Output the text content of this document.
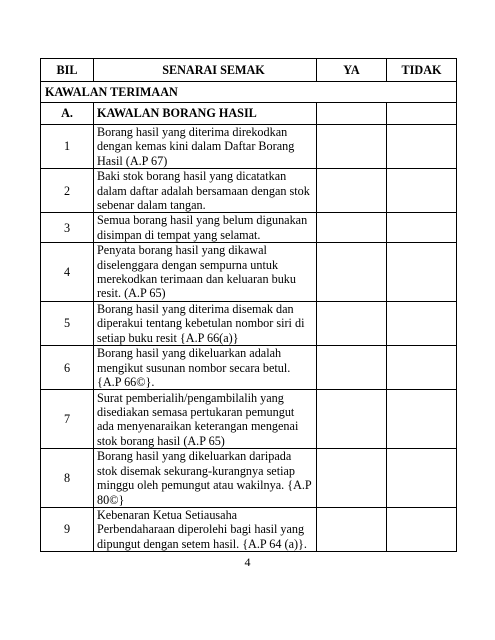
BIL	SENARAI SEMAK	YA	TIDAK
KAWALAN TERIMAAN			
A.	KAWALAN BORANG HASIL		
1	Borang hasil yang diterima direkodkan dengan kemas kini dalam Daftar Borang Hasil (A.P 67)		
2	Baki stok borang hasil yang dicatatkan dalam daftar adalah bersamaan dengan stok sebenar dalam tangan.		
3	Semua borang hasil yang belum digunakan disimpan di tempat yang selamat.		
4	Penyata borang hasil yang dikawal diselenggara dengan sempurna untuk merekodkan terimaan dan keluaran buku resit. (A.P 65)		
5	Borang hasil yang diterima disemak dan diperakui tentang kebetulan nombor siri di setiap buku resit {A.P 66(a)}		
6	Borang hasil yang dikeluarkan adalah mengikut susunan nombor secara betul. {A.P 66©}.		
7	Surat pemberialih/pengambilalih yang disediakan semasa pertukaran pemungut ada menyenaraikan keterangan mengenai stok borang hasil (A.P 65)		
8	Borang hasil yang dikeluarkan daripada stok disemak sekurang-kurangnya setiap minggu oleh pemungut atau wakilnya. {A.P 80©}		
9	Kebenaran Ketua Setiausaha Perbendaharaan diperolehi bagi hasil yang dipungut dengan setem hasil. {A.P 64 (a)}.		
4
